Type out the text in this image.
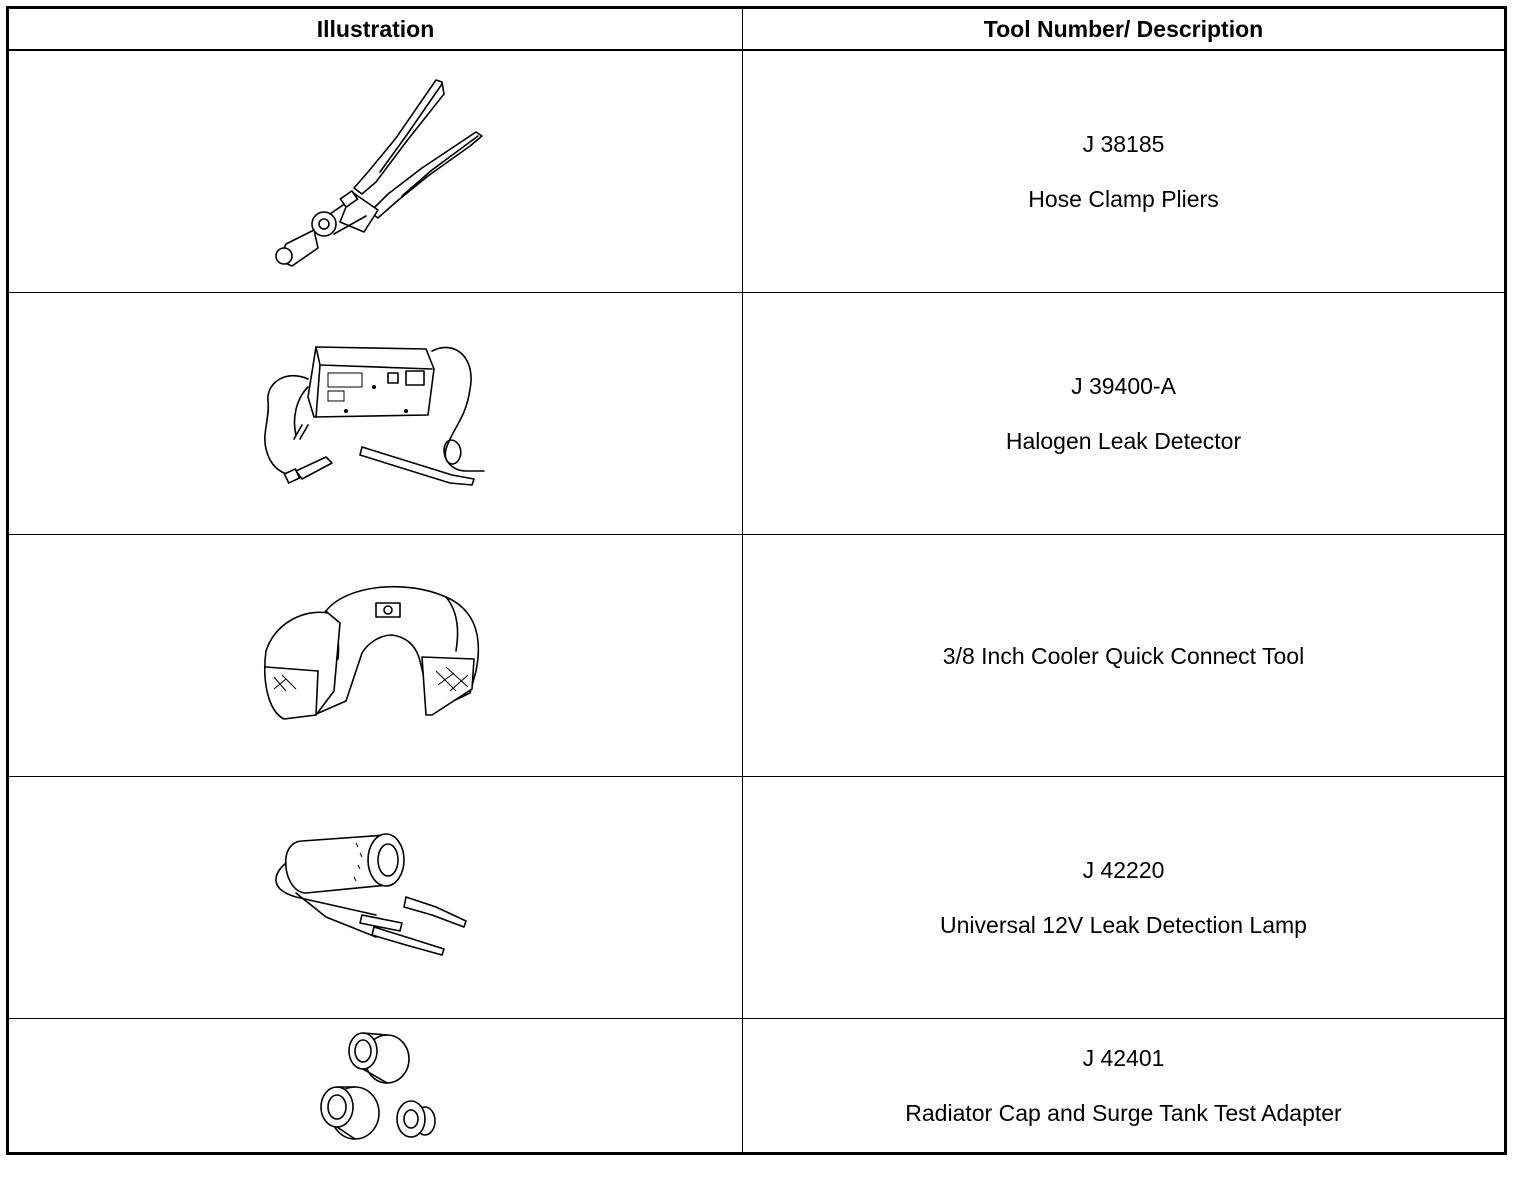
Illustration	Tool Number/ Description

J 38185
Hose Clamp Pliers

J 39400-A
Halogen Leak Detector

3/8 Inch Cooler Quick Connect Tool

J 42220
Universal 12V Leak Detection Lamp

J 42401
Radiator Cap and Surge Tank Test Adapter
